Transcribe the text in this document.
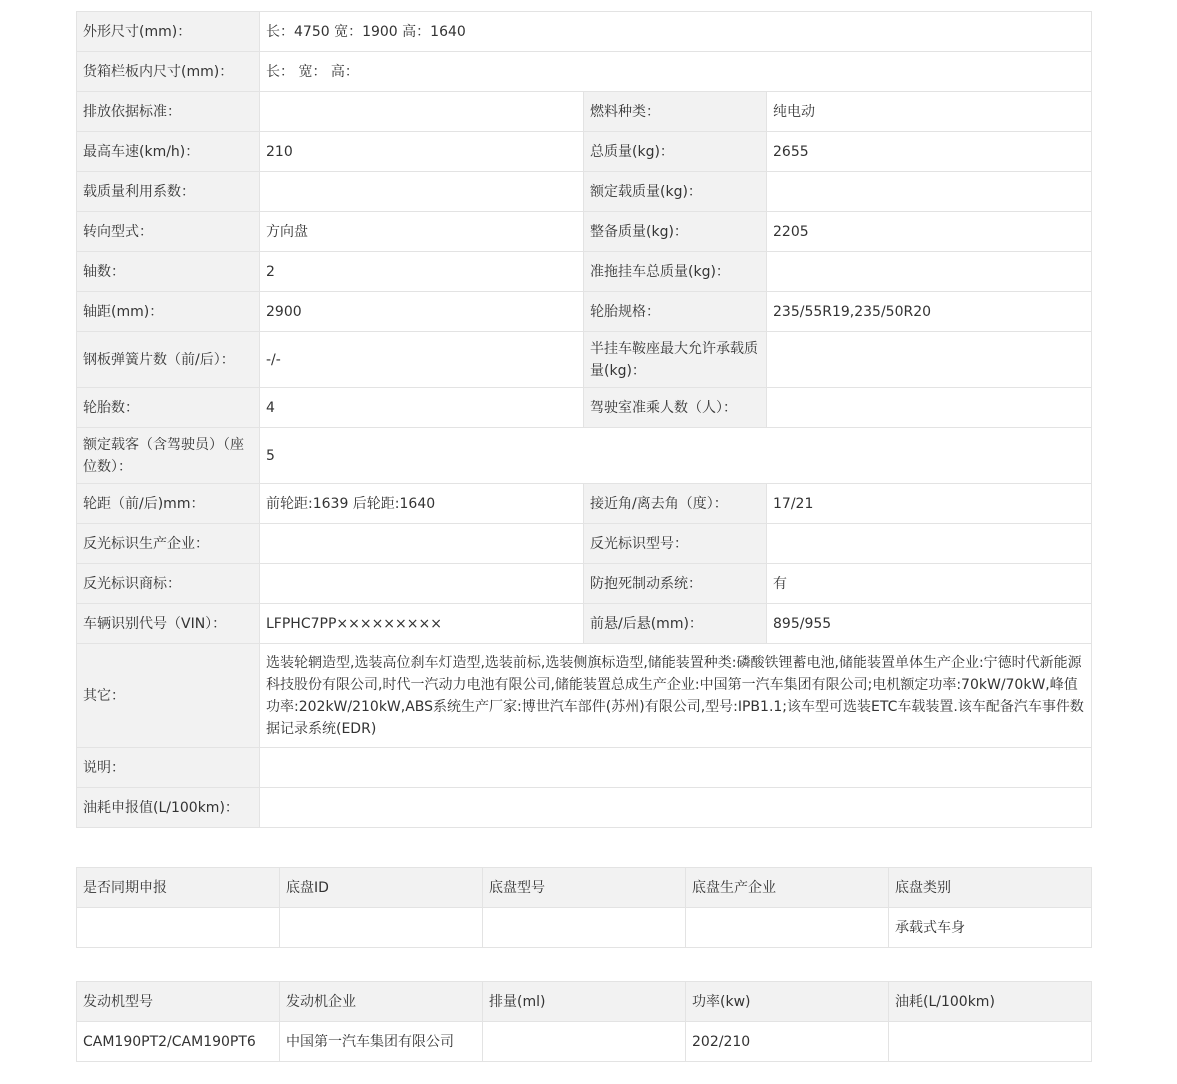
外形尺寸(mm)：	长：4750 宽：1900 高：1640		
货箱栏板内尺寸(mm)：	长： 宽： 高：		
排放依据标准：		燃料种类：	纯电动
最高车速(km/h)：	210	总质量(kg)：	2655
载质量利用系数：		额定载质量(kg)：	
转向型式：	方向盘	整备质量(kg)：	2205
轴数：	2	准拖挂车总质量(kg)：	
轴距(mm)：	2900	轮胎规格：	235/55R19,235/50R20
钢板弹簧片数（前/后）：	-/-	半挂车鞍座最大允许承载质量(kg)：	
轮胎数：	4	驾驶室准乘人数（人）：	
额定载客（含驾驶员）（座位数）：	5		
轮距（前/后)mm：	前轮距:1639 后轮距:1640	接近角/离去角（度）：	17/21
反光标识生产企业：		反光标识型号：	
反光标识商标：		防抱死制动系统：	有
车辆识别代号（VIN）：	LFPHC7PP×××××××××	前悬/后悬(mm)：	895/955
其它：	选装轮辋造型,选装高位刹车灯造型,选装前标,选装侧旗标造型,储能装置种类:磷酸铁锂蓄电池,储能装置单体生产企业:宁德时代新能源科技股份有限公司,时代一汽动力电池有限公司,储能装置总成生产企业:中国第一汽车集团有限公司;电机额定功率:70kW/70kW,峰值功率:202kW/210kW,ABS系统生产厂家:博世汽车部件(苏州)有限公司,型号:IPB1.1;该车型可选装ETC车载装置.该车配备汽车事件数据记录系统(EDR)		
说明：			
油耗申报值(L/100km)：			
是否同期申报	底盘ID	底盘型号	底盘生产企业	底盘类别
				承载式车身
发动机型号	发动机企业	排量(ml)	功率(kw)	油耗(L/100km)
CAM190PT2/CAM190PT6	中国第一汽车集团有限公司		202/210	
